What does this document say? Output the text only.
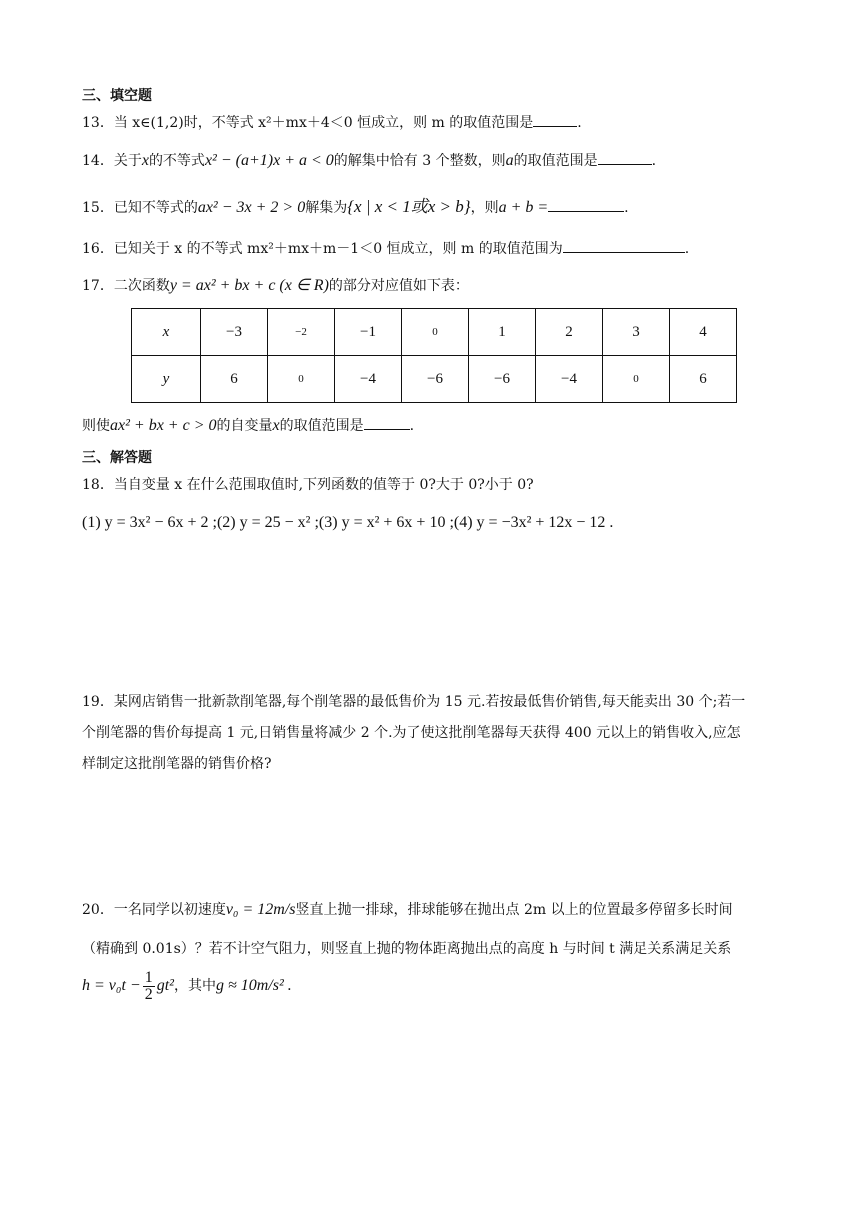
三、填空题
13．当 x∈(1,2)时，不等式 x²＋mx＋4＜0 恒成立，则 m 的取值范围是	.
14．关于x的不等式x² − (a+1)x + a < 0的解集中恰有 3 个整数，则a的取值范围是	.
15．已知不等式的ax² − 3x + 2 > 0解集为{x | x < 1或x > b}，则a + b =	.
16．已知关于 x 的不等式 mx²＋mx＋m－1＜0 恒成立，则 m 的取值范围为	.
17．二次函数y = ax² + bx + c (x ∈ R)的部分对应值如下表：
x	−3	−2	−1	0	1	2	3	4
y	6	0	−4	−6	−6	−4	0	6
则使ax² + bx + c > 0的自变量x的取值范围是	.
三、解答题
18．当自变量 x 在什么范围取值时,下列函数的值等于 0?大于 0?小于 0?
(1) y = 3x² − 6x + 2 ;(2) y = 25 − x² ;(3) y = x² + 6x + 10 ;(4) y = −3x² + 12x − 12 .
19．某网店销售一批新款削笔器,每个削笔器的最低售价为 15 元.若按最低售价销售,每天能卖出 30 个;若一
个削笔器的售价每提高 1 元,日销售量将减少 2 个.为了使这批削笔器每天获得 400 元以上的销售收入,应怎
样制定这批削笔器的销售价格?
20．一名同学以初速度v₀ = 12m/s竖直上抛一排球，排球能够在抛出点 2m 以上的位置最多停留多长时间
（精确到 0.01s）？若不计空气阻力，则竖直上抛的物体距离抛出点的高度 h 与时间 t 满足关系满足关系
$h = v_0t - \frac{1}{2} gt^2$，其中g ≈ 10m/s² .
